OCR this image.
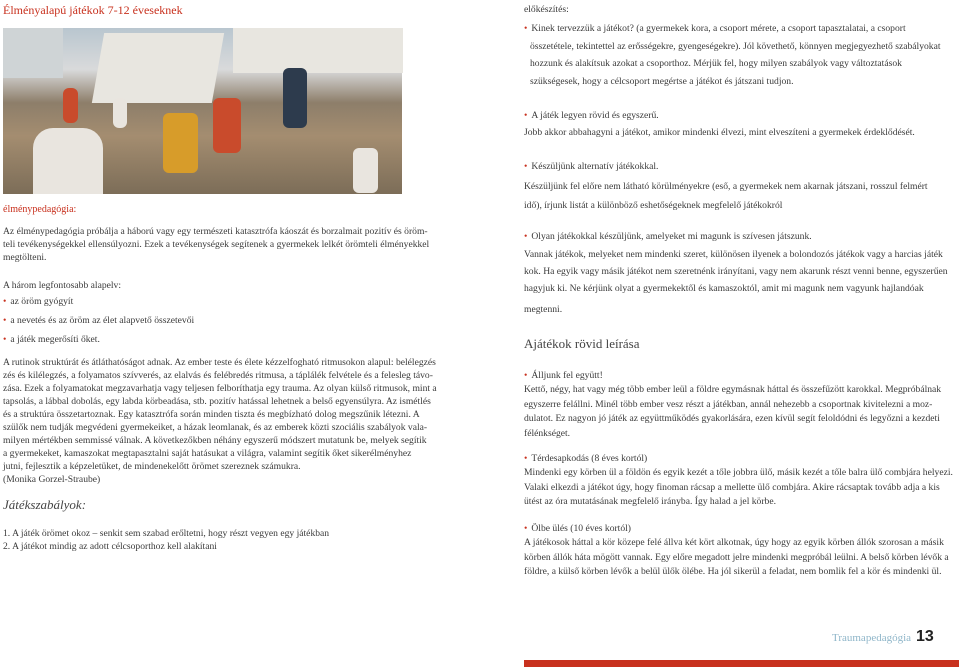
Élményalapú játékok 7-12 éveseknek
élménypedagógia:

Az élménypedagógia próbálja a háború vagy egy természeti katasztrófa káoszát és borzalmait pozitív és öröm-

teli tevékenységekkel ellensúlyozni. Ezek a tevékenységek segítenek a gyermekek lelkét örömteli élményekkel

megtölteni.

A három legfontosabb alapelv:

• az öröm gyógyít

• a nevetés és az öröm az élet alapvető összetevői

• a játék megerősíti őket.

A rutinok struktúrát és átláthatóságot adnak. Az ember teste és élete kézzelfogható ritmusokon alapul: belélegzés

zés és kilélegzés, a folyamatos szívverés, az elalvás és felébredés ritmusa, a táplálék felvétele és a felesleg távo-

zása. Ezek a folyamatokat megzavarhatja vagy teljesen felboríthatja egy trauma. Az olyan külső ritmusok, mint a

tapsolás, a lábbal dobolás, egy labda körbeadása, stb. pozitív hatással lehetnek a belső egyensúlyra. Az ismétlés

és a struktúra összetartoznak. Egy katasztrófa során minden tiszta és megbízható dolog megszűnik létezni. A

szülők nem tudják megvédeni gyermekeiket, a házak leomlanak, és az emberek közti szociális szabályok vala-

milyen mértékben semmissé válnak. A következőkben néhány egyszerű módszert mutatunk be, melyek segítik

a gyermekeket, kamaszokat megtapasztalni saját hatásukat a világra, valamint segítik őket sikerélményhez

jutni, fejlesztik a képzeletüket, de mindenekelőtt örömet szereznek számukra.

(Monika Gorzel-Straube)

Játékszabályok:

1. A játék örömet okoz – senkit sem szabad erőltetni, hogy részt vegyen egy játékban

2. A játékot mindig az adott célcsoporthoz kell alakítani

előkészítés:

• Kinek tervezzük a játékot? (a gyermekek kora, a csoport mérete, a csoport tapasztalatai, a csoport

összetétele, tekintettel az erősségekre, gyengeségekre). Jól követhető, könnyen megjegyezhető szabályokat

hozzunk és alakítsuk azokat a csoporthoz. Mérjük fel, hogy milyen szabályok vagy változtatások

szükségesek, hogy a célcsoport megértse a játékot és játszani tudjon.

• A játék legyen rövid és egyszerű.
Jobb akkor abbahagyni a játékot, amikor mindenki élvezi, mint elveszíteni a gyermekek érdeklődését.
• Készüljünk alternatív játékokkal.

Készüljünk fel előre nem látható körülményekre (eső, a gyermekek nem akarnak játszani, rosszul felmért

idő), írjunk listát a különböző eshetőségeknek megfelelő játékokról

• Olyan játékokkal készüljünk, amelyeket mi magunk is szívesen játszunk.

Vannak játékok, melyeket nem mindenki szeret, különösen ilyenek a bolondozós játékok vagy a harcias játék

kok. Ha egyik vagy másik játékot nem szeretnénk irányítani, vagy nem akarunk részt venni benne, egyszerűen

hagyjuk ki. Ne kérjünk olyat a gyermekektől és kamaszoktól, amit mi magunk nem vagyunk hajlandóak

megtenni.

Ajátékok rövid leírása
• Álljunk fel együtt!

Kettő, négy, hat vagy még több ember leül a földre egymásnak háttal és összefűzött karokkal. Megpróbálnak

egyszerre felállni. Minél több ember vesz részt a játékban, annál nehezebb a csoportnak kivitelezni a moz-

dulatot. Ez nagyon jó játék az együttműködés gyakorlására, ezen kívül segít feloldódni és legyőzni a kezdeti

félénkséget.

• Térdesapkodás (8 éves kortól)

Mindenki egy körben ül a földön és egyik kezét a tőle jobbra ülő, másik kezét a tőle balra ülő combjára helyezi.

Valaki elkezdi a játékot úgy, hogy finoman rácsap a mellette ülő combjára. Akire rácsaptak tovább adja a kis

ütést az óra mutatásának megfelelő irányba. Így halad a jel körbe.

• Ölbe ülés (10 éves kortól)

A játékosok háttal a kör közepe felé állva két kört alkotnak, úgy hogy az egyik körben állók szorosan a másik

körben állók háta mögött vannak. Egy előre megadott jelre mindenki megpróbál leülni. A belső körben lévők a

földre, a külső körben lévők a belül ülők ölébe. Ha jól sikerül a feladat, nem bomlik fel a kör és mindenki ül.

Traumapedagógia 13
